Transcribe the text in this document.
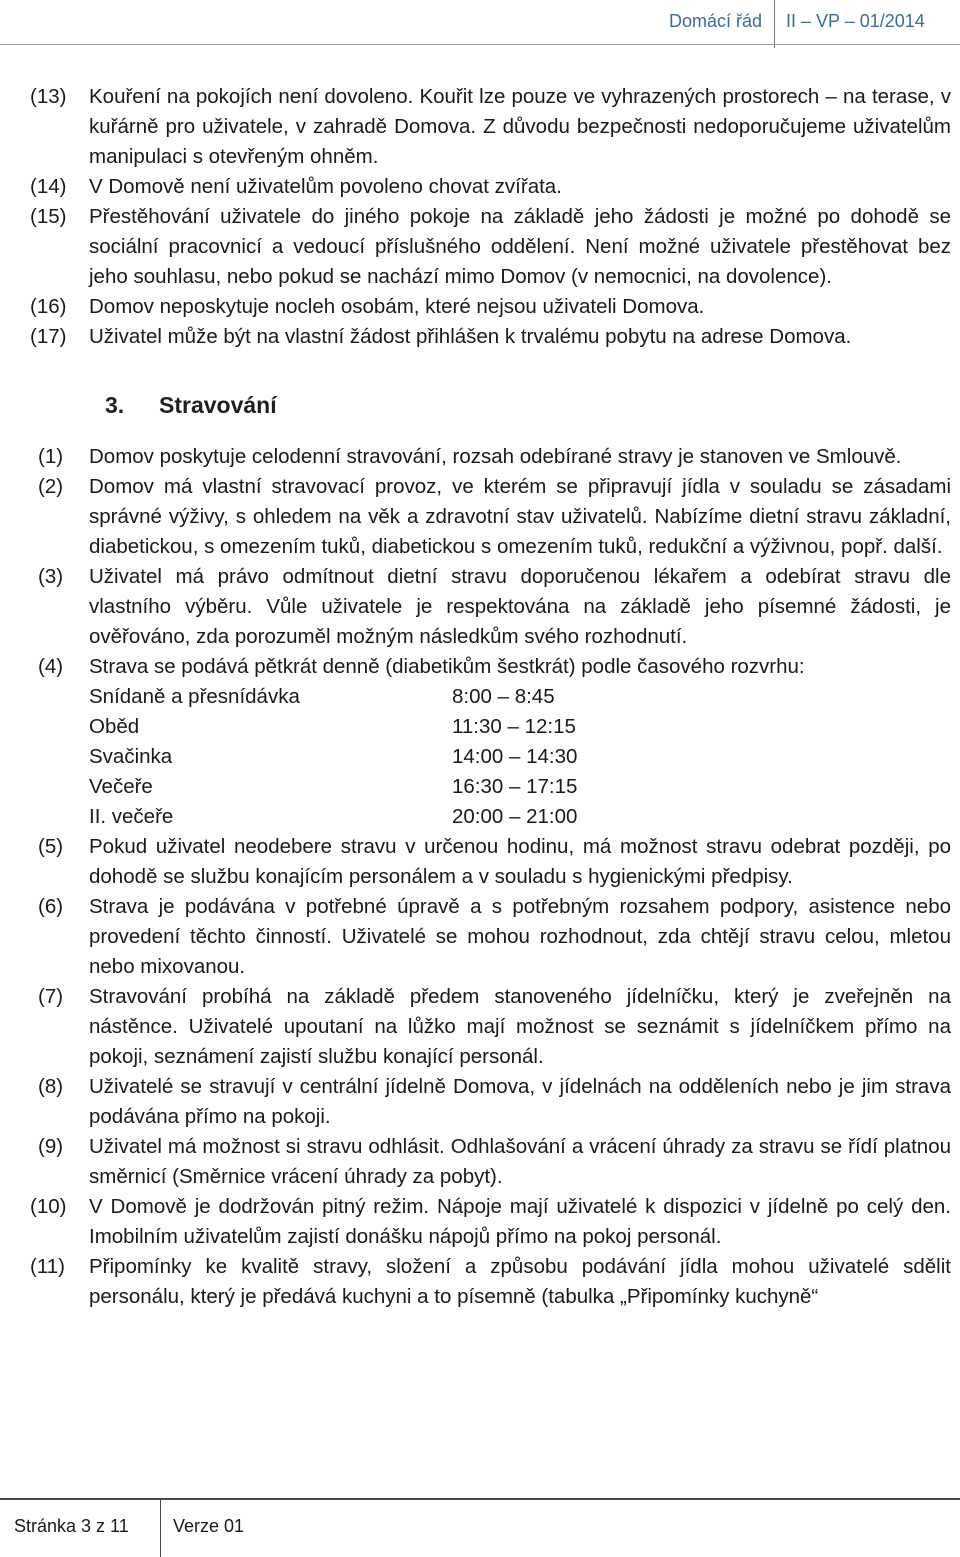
Domácí řád II – VP – 01/2014
(13) Kouření na pokojích není dovoleno. Kouřit lze pouze ve vyhrazených prostorech – na terase, v kuřárně pro uživatele, v zahradě Domova. Z důvodu bezpečnosti nedoporučujeme uživatelům manipulaci s otevřeným ohněm.
(14) V Domově není uživatelům povoleno chovat zvířata.
(15) Přestěhování uživatele do jiného pokoje na základě jeho žádosti je možné po dohodě se sociální pracovnicí a vedoucí příslušného oddělení. Není možné uživatele přestěhovat bez jeho souhlasu, nebo pokud se nachází mimo Domov (v nemocnici, na dovolence).
(16) Domov neposkytuje nocleh osobám, které nejsou uživateli Domova.
(17) Uživatel může být na vlastní žádost přihlášen k trvalému pobytu na adrese Domova.
3. Stravování
(1) Domov poskytuje celodenní stravování, rozsah odebírané stravy je stanoven ve Smlouvě.
(2) Domov má vlastní stravovací provoz, ve kterém se připravují jídla v souladu se zásadami správné výživy, s ohledem na věk a zdravotní stav uživatelů. Nabízíme dietní stravu základní, diabetickou, s omezením tuků, diabetickou s omezením tuků, redukční a výživnou, popř. další.
(3) Uživatel má právo odmítnout dietní stravu doporučenou lékařem a odebírat stravu dle vlastního výběru. Vůle uživatele je respektována na základě jeho písemné žádosti, je ověřováno, zda porozuměl možným následkům svého rozhodnutí.
(4) Strava se podává pětkrát denně (diabetikům šestkrát) podle časového rozvrhu:
Snídaně a přesnídávka	8:00 – 8:45
Oběd	11:30 – 12:15
Svačinka	14:00 – 14:30
Večeře	16:30 – 17:15
II. večeře	20:00 – 21:00
(5) Pokud uživatel neodebere stravu v určenou hodinu, má možnost stravu odebrat později, po dohodě se službu konajícím personálem a v souladu s hygienickými předpisy.
(6) Strava je podávána v potřebné úpravě a s potřebným rozsahem podpory, asistence nebo provedení těchto činností. Uživatelé se mohou rozhodnout, zda chtějí stravu celou, mletou nebo mixovanou.
(7) Stravování probíhá na základě předem stanoveného jídelníčku, který je zveřejněn na nástěnce. Uživatelé upoutaní na lůžko mají možnost se seznámit s jídelníčkem přímo na pokoji, seznámení zajistí službu konající personál.
(8) Uživatelé se stravují v centrální jídelně Domova, v jídelnách na odděleních nebo je jim strava podávána přímo na pokoji.
(9) Uživatel má možnost si stravu odhlásit. Odhlašování a vrácení úhrady za stravu se řídí platnou směrnicí (Směrnice vrácení úhrady za pobyt).
(10) V Domově je dodržován pitný režim. Nápoje mají uživatelé k dispozici v jídelně po celý den. Imobilním uživatelům zajistí donášku nápojů přímo na pokoj personál.
(11) Připomínky ke kvalitě stravy, složení a způsobu podávání jídla mohou uživatelé sdělit personálu, který je předává kuchyni a to písemně (tabulka „Připomínky kuchyně“
Stránka 3 z 11 Verze 01
